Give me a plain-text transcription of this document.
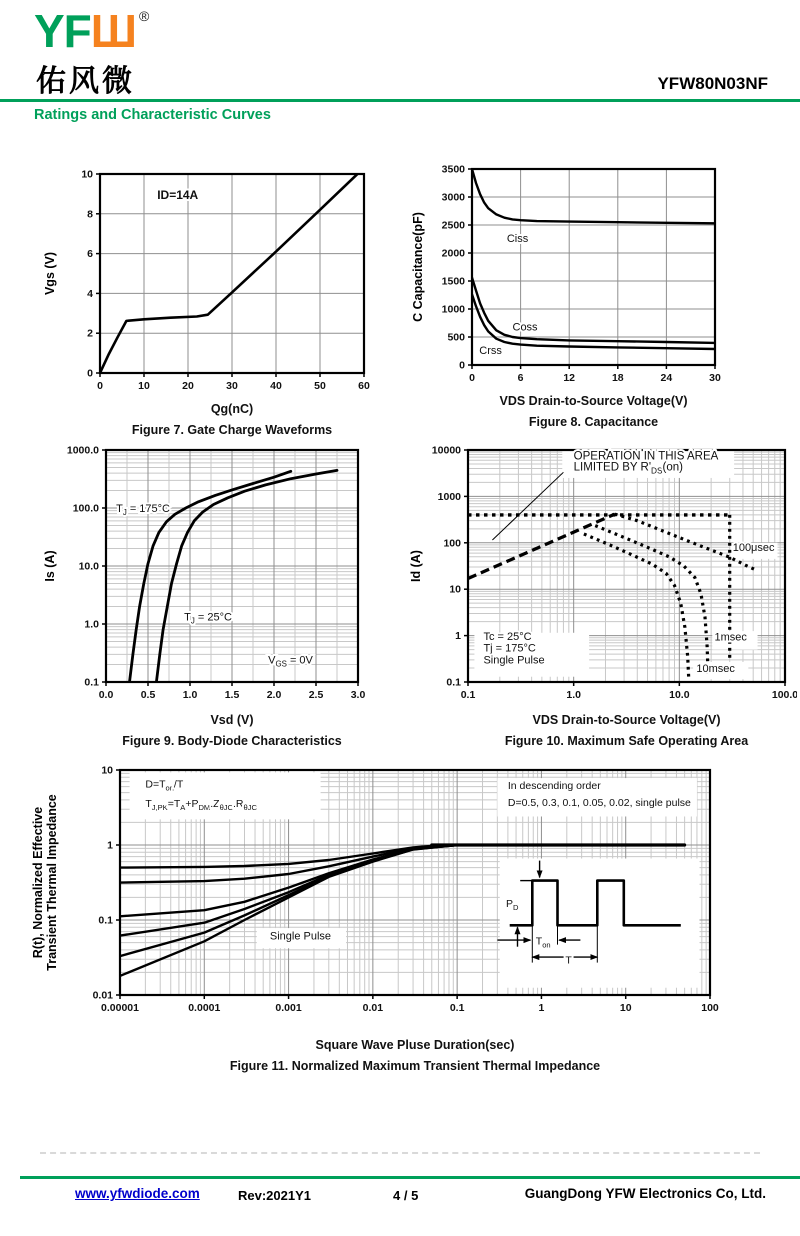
YFШ ®
佑风微	YFW80N03NF
Ratings and Characteristic Curves
0	10	20	30	40	50	60
0
2
4
6
8
10
Vgs (V)
ID=14A
Qg(nC)
Figure 7. Gate Charge Waveforms
0	6	12	18	24	30
0
500
1000
1500
2000
2500
3000
3500
C Capacitance(pF)	Ciss
Coss
Crss
VDS Drain-to-Source Voltage(V)
Figure 8. Capacitance
0.0	0.5	1.0	1.5	2.0	2.5	3.0
0.1
1.0
10.0
100.0
1000.0
Is (A)
$T_J = 175^\circ C$
$T_J = 25^\circ C$
$V_{GS} = 0V$
Vsd (V)
Figure 9. Body-Diode Characteristics
0.1	1.0	10.0	100.0
0.1
1
10
100
1000
10000
Id (A)
OPERATION IN THIS AREA
LIMITED BY $R'_{DS}(on)$
100μsec
1msec
10msec
Tc = 25°C
Tj = 175°C
Single Pulse
VDS Drain-to-Source Voltage(V)
Figure 10. Maximum Safe Operating Area
0.00001	0.0001	0.001	0.01	0.1	1	10	100
0.01
0.1
1
10
R(t), Normalized Effective Transient Thermal Impedance
$D=T_{on}/T$
$T_{J,PK}=T_A+P_{DM}.Z_{\theta JC}.R_{\theta JC}$
In descending order
D=0.5, 0.3, 0.1, 0.05, 0.02, single pulse
Single Pulse
$P_D$
$T_{on}$
T
Square Wave Pluse Duration(sec)
Figure 11. Normalized Maximum Transient Thermal Impedance
www.yfwdiode.com	Rev:2021Y1	4 / 5	GuangDong YFW Electronics Co, Ltd.
